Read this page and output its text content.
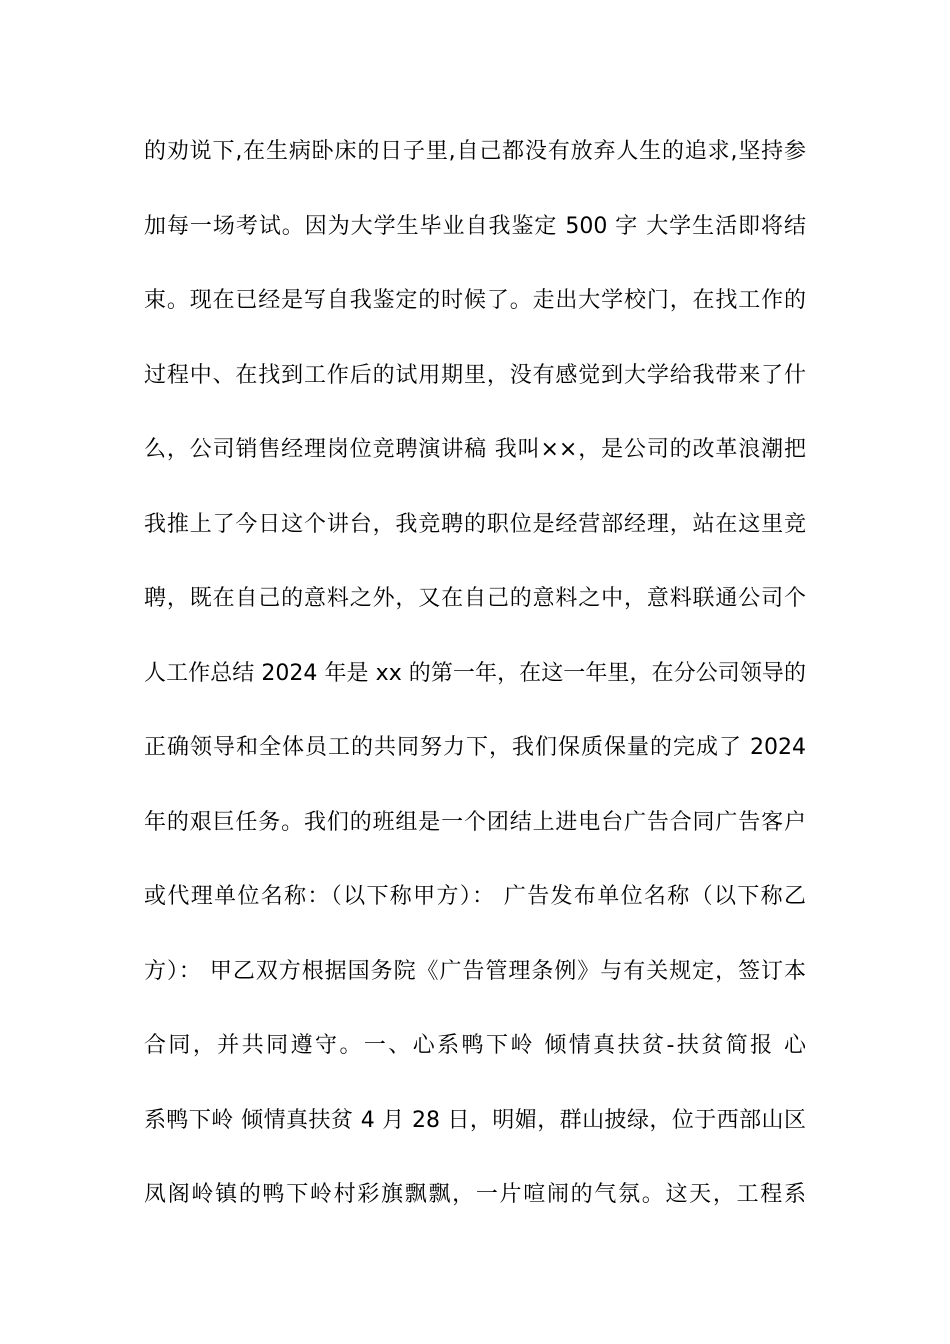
的劝说下,在生病卧床的日子里,自己都没有放弃人生的追求,坚持参
加每一场考试。因为大学生毕业自我鉴定 500 字 大学生活即将结
束。现在已经是写自我鉴定的时候了。走出大学校门，在找工作的
过程中、在找到工作后的试用期里，没有感觉到大学给我带来了什
么，公司销售经理岗位竞聘演讲稿 我叫××，是公司的改革浪潮把
我推上了今日这个讲台，我竞聘的职位是经营部经理，站在这里竞
聘，既在自己的意料之外，又在自己的意料之中，意料联通公司个
人工作总结 2024 年是 xx 的第一年，在这一年里，在分公司领导的
正确领导和全体员工的共同努力下，我们保质保量的完成了 2024
年的艰巨任务。我们的班组是一个团结上进电台广告合同广告客户
或代理单位名称：（以下称甲方）： 广告发布单位名称（以下称乙
方）： 甲乙双方根据国务院《广告管理条例》与有关规定，签订本
合同，并共同遵守。一、心系鸭下岭 倾情真扶贫-扶贫简报 心
系鸭下岭 倾情真扶贫 4 月 28 日，明媚，群山披绿，位于西部山区
凤阁岭镇的鸭下岭村彩旗飘飘，一片喧闹的气氛。这天，工程系
